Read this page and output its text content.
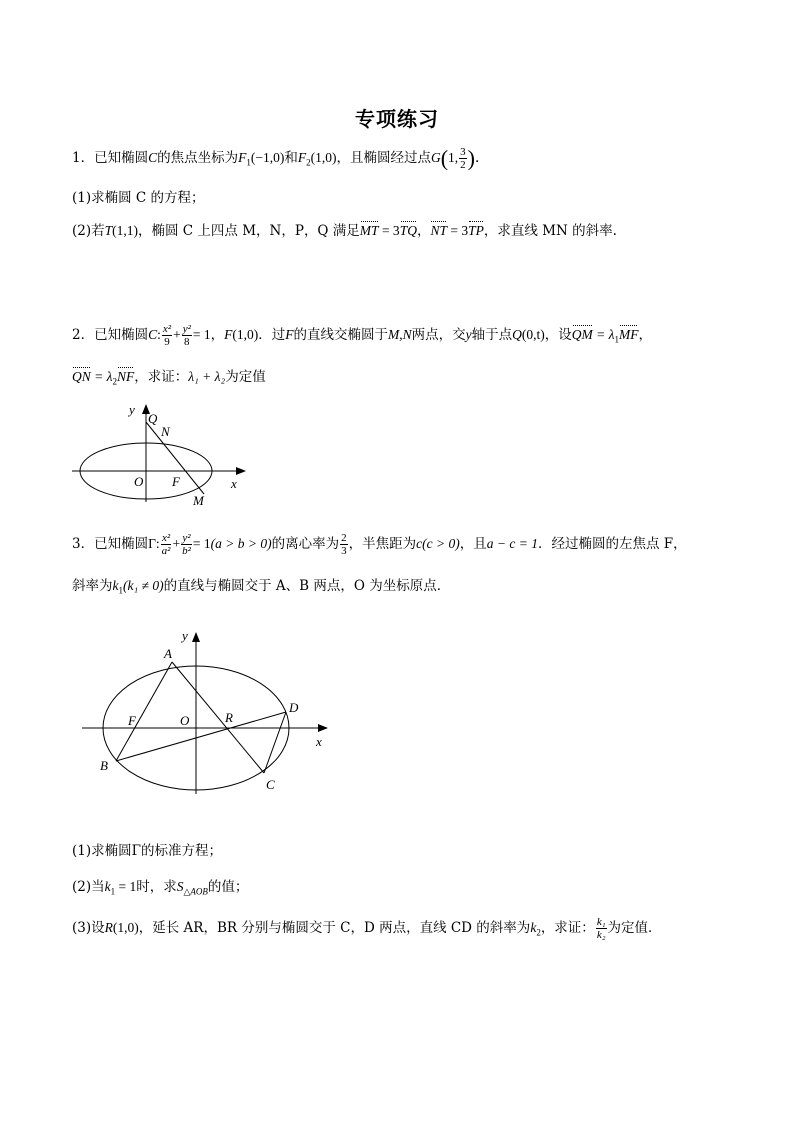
专项练习
1．已知椭圆C的焦点坐标为$F_1(-1,0)$和$F_2(1,0)$，且椭圆经过点G(1, $\frac{3}{2}$ ).
(1)求椭圆 C 的方程；
(2)若T(1,1)，椭圆 C 上四点 M，N，P，Q 满足MT = 3TQ，NT = 3TP，求直线 MN 的斜率.
2．已知椭圆C: $\frac{\text{x²}}{9} + \frac{\text{y²}}{8} = 1$，F(1,0)．过F的直线交椭圆于M,N两点，交y轴于点Q(0,t)，设QM = $\lambda_1MF$，
QN = $\lambda_2NF$，求证：λ₁ + λ₂为定值
y
Q
N
O F
M
x
3．已知椭圆Γ: $\frac{\text{x²}}{\text{a²}} + \frac{\text{y²}}{\text{b²}} = 1(a > b > 0)$的离心率为 $\frac{2}{3}$ ，半焦距为c(c > 0)，且a − c = 1．经过椭圆的左焦点 F，
斜率为$k_1(k_1 \ne 0)$的直线与椭圆交于 A、B 两点，O 为坐标原点．
y
A
D
F	O	R
x
B
C
(1)求椭圆Γ的标准方程；
(2)当$k_1 = 1$时，求$S_{\triangle AOB}$的值；
(3)设R(1,0)，延长 AR，BR 分别与椭圆交于 C，D 两点，直线 CD 的斜率为$k_2$，求证： $\frac{\text{k₁}}{\text{k₂}}$ 为定值．
